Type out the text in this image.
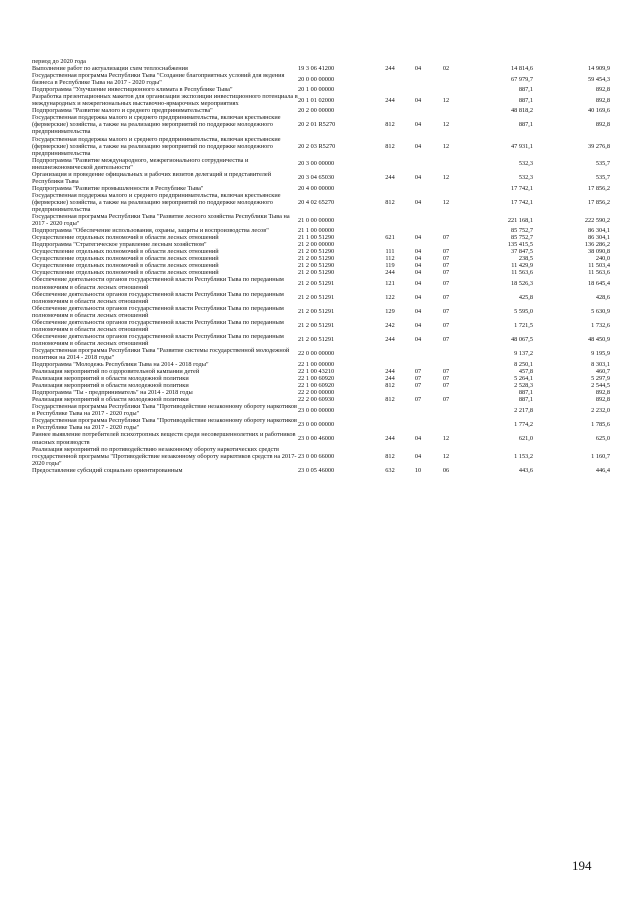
период до 2020 года						
Выполнение работ по актуализации схем теплоснабжения	19 3 06 41200	244	04	02	14 814,6	14 909,9
Государственная программа Республики Тыва "Создание благоприятных условий для ведения бизнеса в Республике Тыва на 2017 - 2020 годы"	20 0 00 00000				67 979,7	59 454,3
Подпрограмма "Улучшение инвестиционного климата в Республике Тыва"	20 1 00 00000				887,1	892,8
Разработка презентационных макетов для организации экспозиции инвестиционного потенциала в международных и межрегиональных выставочно-ярмарочных мероприятиях	20 1 01 02000	244	04	12	887,1	892,8
Подпрограмма "Развитие малого и среднего предпринимательства"	20 2 00 00000				48 818,2	40 169,6
Государственная поддержка малого и среднего предпринимательства, включая крестьянские (фермерские) хозяйства, а также на реализацию мероприятий по поддержке молодежного предпринимательства	20 2 01 R5270	812	04	12	887,1	892,8
Государственная поддержка малого и среднего предпринимательства, включая крестьянские (фермерские) хозяйства, а также на реализацию мероприятий по поддержке молодежного предпринимательства	20 2 03 R5270	812	04	12	47 931,1	39 276,8
Подпрограмма "Развитие международного, межрегионального сотрудничества и внешнеэкономической деятельности"	20 3 00 00000				532,3	535,7
Организация и проведение официальных и рабочих визитов делегаций и представителей Республики Тыва	20 3 04 65030	244	04	12	532,3	535,7
Подпрограмма "Развитие промышленности в Республике Тыва"	20 4 00 00000				17 742,1	17 856,2
Государственная поддержка малого и среднего предпринимательства, включая крестьянские (фермерские) хозяйства, а также на реализацию мероприятий по поддержке молодежного предпринимательства	20 4 02 65270	812	04	12	17 742,1	17 856,2
Государственная программа Республики Тыва "Развитие лесного хозяйства Республики Тыва на 2017 - 2020 годы"	21 0 00 00000				221 168,1	222 590,2
Подпрограмма "Обеспечение использования, охраны, защиты и воспроизводства лесов"	21 1 00 00000				85 752,7	86 304,1
Осуществление отдельных полномочий в области лесных отношений	21 1 00 51290	621	04	07	85 752,7	86 304,1
Подпрограмма "Стратегическое управление лесным хозяйством"	21 2 00 00000				135 415,5	136 286,2
Осуществление отдельных полномочий в области лесных отношений	21 2 00 51290	111	04	07	37 847,5	38 090,8
Осуществление отдельных полномочий в области лесных отношений	21 2 00 51290	112	04	07	238,5	240,0
Осуществление отдельных полномочий в области лесных отношений	21 2 00 51290	119	04	07	11 429,9	11 503,4
Осуществление отдельных полномочий в области лесных отношений	21 2 00 51290	244	04	07	11 563,6	11 563,6
Обеспечение деятельности органов государственной власти Республики Тыва по переданным полномочиям в области лесных отношений	21 2 00 51291	121	04	07	18 526,3	18 645,4
Обеспечение деятельности органов государственной власти Республики Тыва по переданным полномочиям в области лесных отношений	21 2 00 51291	122	04	07	425,8	428,6
Обеспечение деятельности органов государственной власти Республики Тыва по переданным полномочиям в области лесных отношений	21 2 00 51291	129	04	07	5 595,0	5 630,9
Обеспечение деятельности органов государственной власти Республики Тыва по переданным полномочиям в области лесных отношений	21 2 00 51291	242	04	07	1 721,5	1 732,6
Обеспечение деятельности органов государственной власти Республики Тыва по переданным полномочиям в области лесных отношений	21 2 00 51291	244	04	07	48 067,5	48 450,9
Государственная программа Республики Тыва "Развитие системы государственной молодежной политики на 2014 - 2018 годы"	22 0 00 00000				9 137,2	9 195,9
Подпрограмма "Молодежь Республики Тыва на 2014 - 2018 годы"	22 1 00 00000				8 250,1	8 303,1
Реализация мероприятий по оздоровительной кампании детей	22 1 00 43210	244	07	07	457,8	460,7
Реализация мероприятий в области молодежной политики	22 1 00 60920	244	07	07	5 264,1	5 297,9
Реализация мероприятий в области молодежной политики	22 1 00 60920	812	07	07	2 528,3	2 544,5
Подпрограмма "Ты - предприниматель" на 2014 - 2018 годы	22 2 00 00000				887,1	892,8
Реализация мероприятий в области молодежной политики	22 2 00 60930	812	07	07	887,1	892,8
Государственная программа Республики Тыва "Противодействие незаконному обороту наркотиков в Республике Тыва на 2017 - 2020 годы"	23 0 00 00000				2 217,8	2 232,0
Государственная программа Республики Тыва "Противодействие незаконному обороту наркотиков в Республике Тыва на 2017 - 2020 годы"	23 0 00 00000				1 774,2	1 785,6
Раннее выявление потребителей психотропных веществ среди несовершеннолетних и работников опасных производств	23 0 00 46000	244	04	12	621,0	625,0
Реализация мероприятий по противодействию незаконному обороту наркотических средств государственной программы "Противодействие незаконному обороту наркотиков средств на 2017-2020 годы"	23 0 00 66000	812	04	12	1 153,2	1 160,7
Предоставление субсидий социально ориентированным	23 0 05 46000	632	10	06	443,6	446,4
194
